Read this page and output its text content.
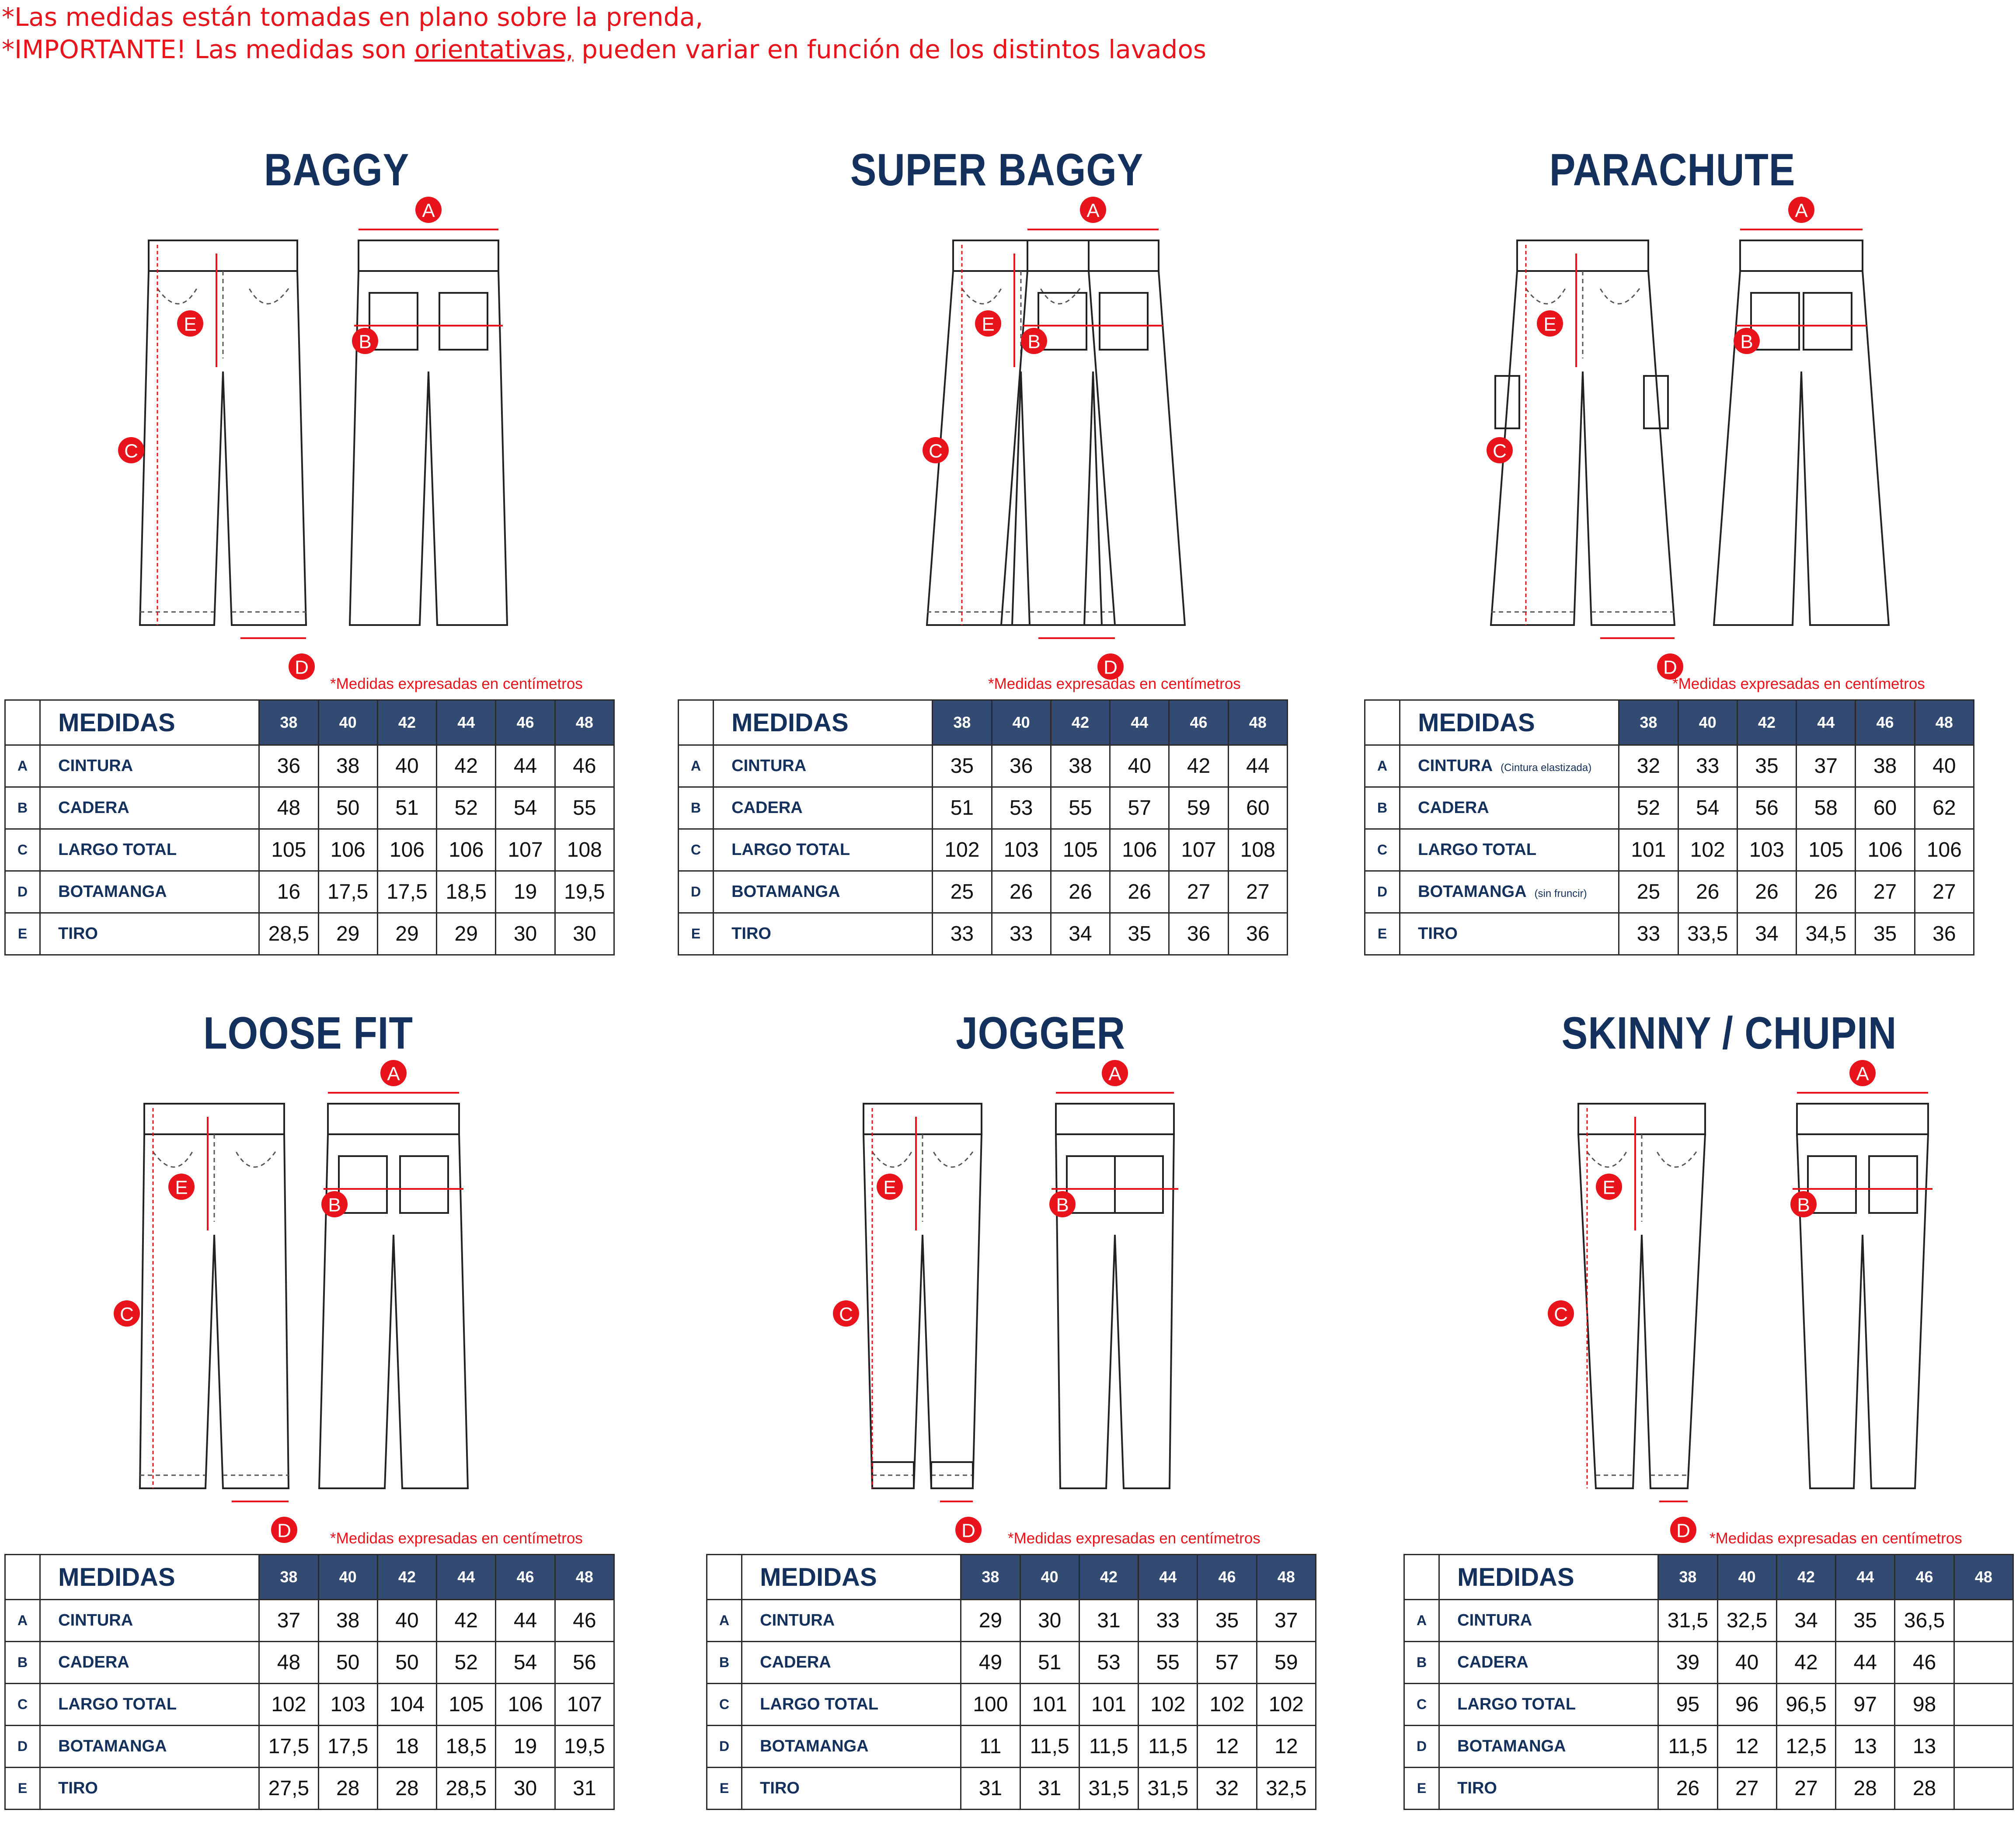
*Las medidas están tomadas en plano sobre la prenda,
*IMPORTANTE! Las medidas son orientativas, pueden variar en función de los distintos lavados
BAGGY
A
B
C
D
E
*Medidas expresadas en centímetros
	MEDIDAS	38	40	42	44	46	48
A	CINTURA	36	38	40	42	44	46
B	CADERA	48	50	51	52	54	55
C	LARGO TOTAL	105	106	106	106	107	108
D	BOTAMANGA	16	17,5	17,5	18,5	19	19,5
E	TIRO	28,5	29	29	29	30	30
SUPER BAGGY
A
B
C
D
E
*Medidas expresadas en centímetros
	MEDIDAS	38	40	42	44	46	48
A	CINTURA	35	36	38	40	42	44
B	CADERA	51	53	55	57	59	60
C	LARGO TOTAL	102	103	105	106	107	108
D	BOTAMANGA	25	26	26	26	27	27
E	TIRO	33	33	34	35	36	36
PARACHUTE
A
B
C
D
E
*Medidas expresadas en centímetros
	MEDIDAS	38	40	42	44	46	48
A	CINTURA (Cintura elastizada)	32	33	35	37	38	40
B	CADERA	52	54	56	58	60	62
C	LARGO TOTAL	101	102	103	105	106	106
D	BOTAMANGA (sin fruncir)	25	26	26	26	27	27
E	TIRO	33	33,5	34	34,5	35	36
LOOSE FIT
A
B
C
D
E
*Medidas expresadas en centímetros
	MEDIDAS	38	40	42	44	46	48
A	CINTURA	37	38	40	42	44	46
B	CADERA	48	50	50	52	54	56
C	LARGO TOTAL	102	103	104	105	106	107
D	BOTAMANGA	17,5	17,5	18	18,5	19	19,5
E	TIRO	27,5	28	28	28,5	30	31
JOGGER
A
B
C
D
E
*Medidas expresadas en centímetros
	MEDIDAS	38	40	42	44	46	48
A	CINTURA	29	30	31	33	35	37
B	CADERA	49	51	53	55	57	59
C	LARGO TOTAL	100	101	101	102	102	102
D	BOTAMANGA	11	11,5	11,5	11,5	12	12
E	TIRO	31	31	31,5	31,5	32	32,5
SKINNY / CHUPIN
A
B
C
D
E
*Medidas expresadas en centímetros
	MEDIDAS	38	40	42	44	46	48
A	CINTURA	31,5	32,5	34	35	36,5	
B	CADERA	39	40	42	44	46	
C	LARGO TOTAL	95	96	96,5	97	98	
D	BOTAMANGA	11,5	12	12,5	13	13	
E	TIRO	26	27	27	28	28	
